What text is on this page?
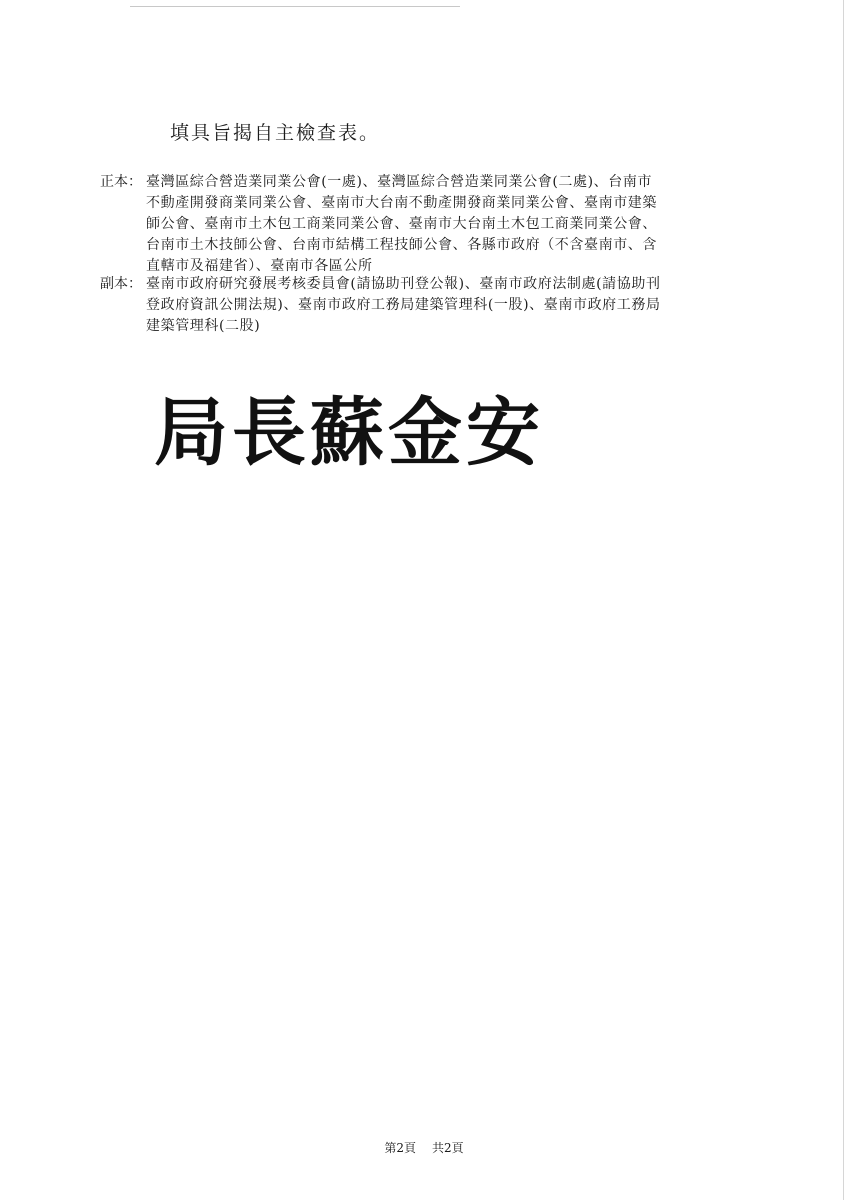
填具旨揭自主檢查表。
正本： 臺灣區綜合營造業同業公會(一處)、臺灣區綜合營造業同業公會(二處)、台南市
不動產開發商業同業公會、臺南市大台南不動產開發商業同業公會、臺南市建築
師公會、臺南市土木包工商業同業公會、臺南市大台南土木包工商業同業公會、
台南市土木技師公會、台南市結構工程技師公會、各縣市政府（不含臺南市、含
直轄市及福建省）、臺南市各區公所
副本： 臺南市政府研究發展考核委員會(請協助刊登公報)、臺南市政府法制處(請協助刊
登政府資訊公開法規)、臺南市政府工務局建築管理科(一股)、臺南市政府工務局
建築管理科(二股)
局長蘇金安
第2頁 共2頁
